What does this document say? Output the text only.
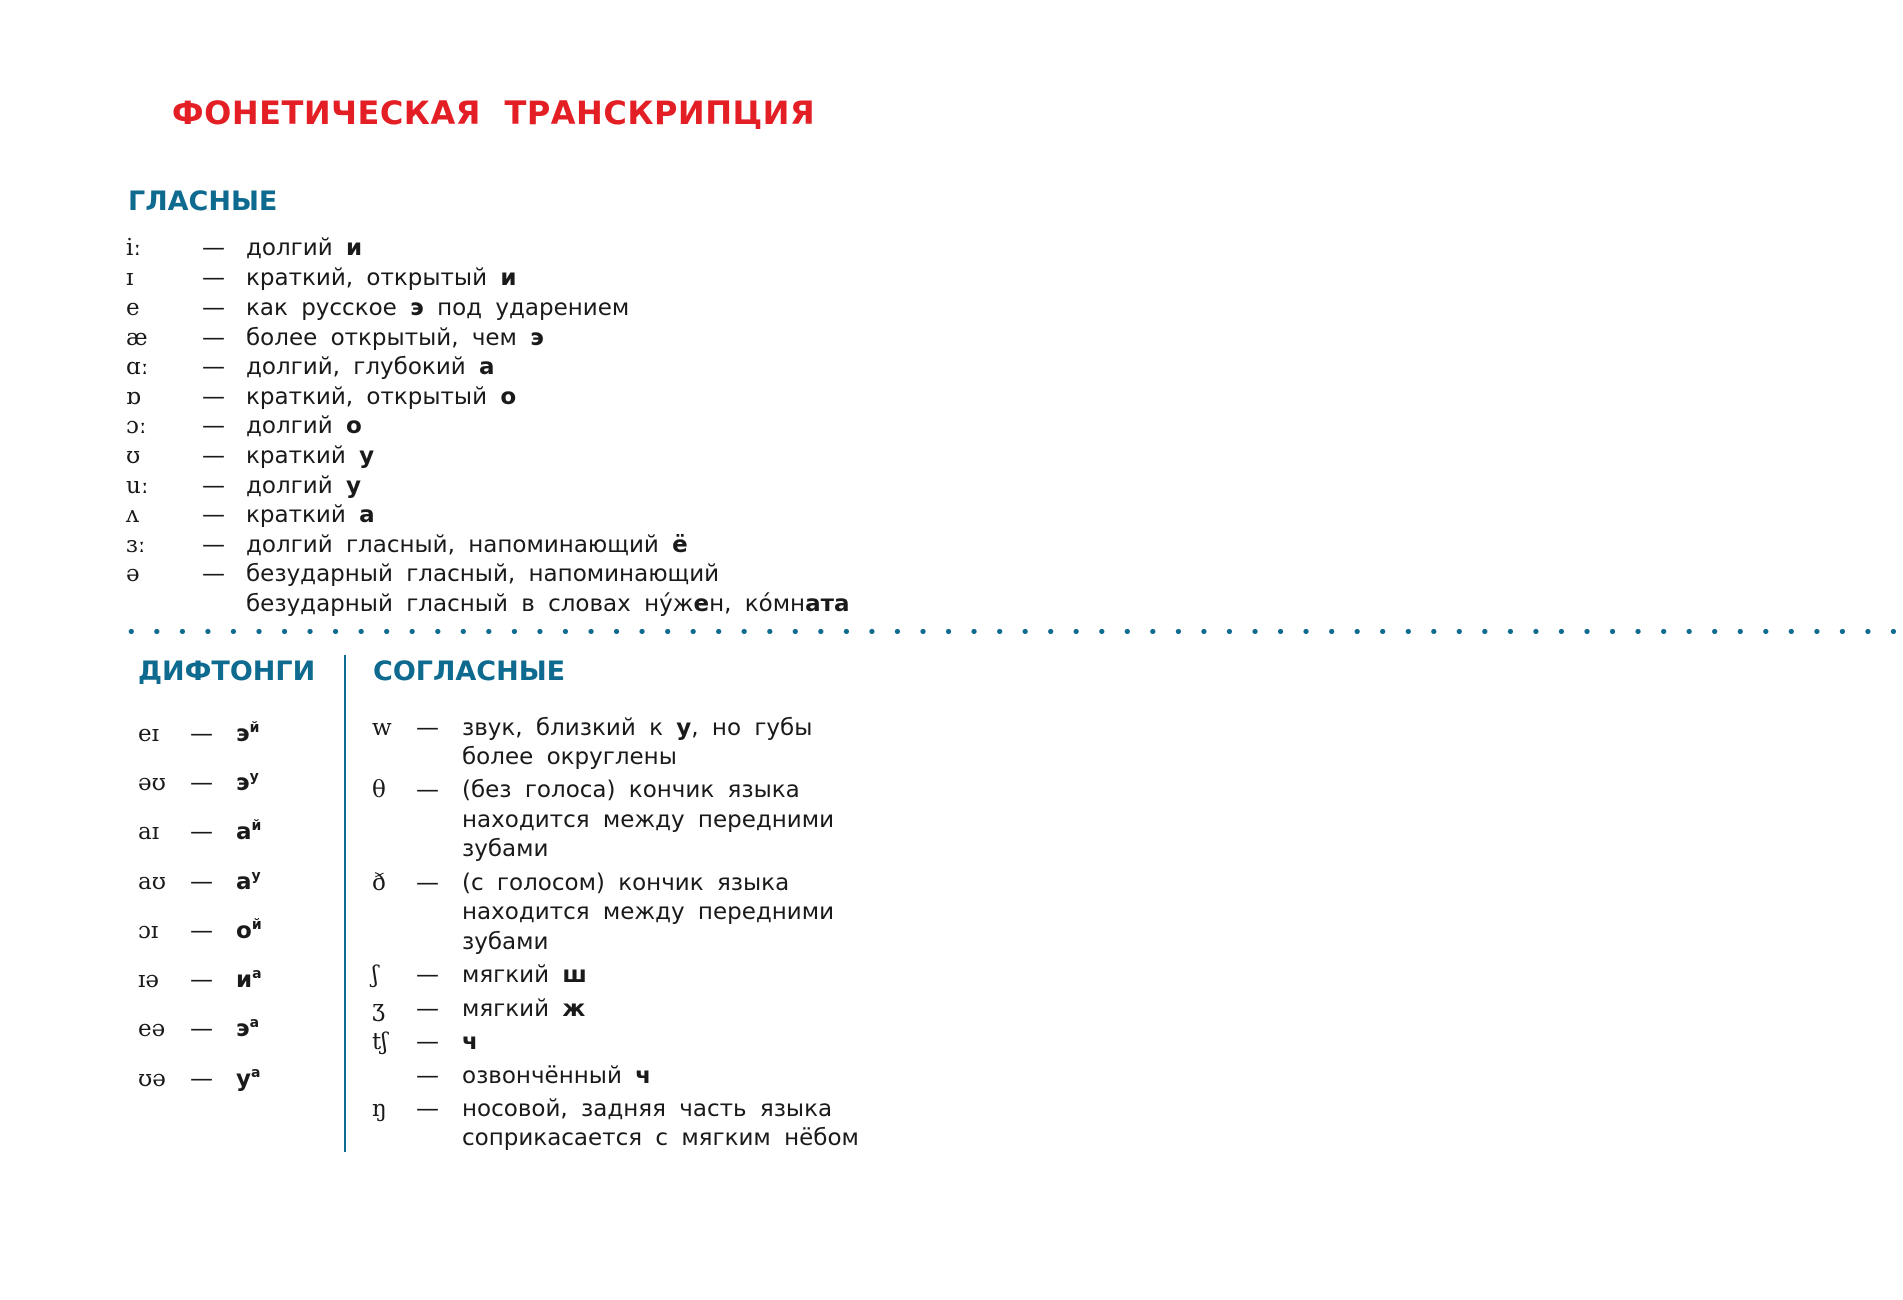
ФОНЕТИЧЕСКАЯ ТРАНСКРИПЦИЯ
ГЛАСНЫЕ
iː	— долгий и
ɪ	— краткий, открытый и
e	— как русское э под ударением
æ — более открытый, чем э
ɑː — долгий, глубокий а
ɒ	— краткий, открытый о
ɔː — долгий о
ʊ	— краткий у
uː — долгий у
ʌ	— краткий а
ɜː — долгий гласный, напоминающий ё
ə	— безударный гласный, напоминающий
безударный гласный в словах ну́жен, ко́мната
• • • • • • • • • • • • • • • • • • • • • • • • • • • • • • • • • • • • • • • • • • • • • • • • • • • • • • • • • • • • • • • • • • • • • •
ДИФТОНГИ СОГЛАСНЫЕ
eɪ — $э^й$
əʊ — $э^у$
aɪ — $а^й$
aʊ — $а^у$
ɔɪ — $о^й$
ɪə — $и^а$
eə — $э^а$
ʊə — $у^а$
w — звук, близкий к у, но губы
более округлены
θ — (без голоса) кончик языка
находится между передними
зубами
ð — (с голосом) кончик языка
находится между передними
зубами
ʃ — мягкий ш
ʒ — мягкий ж
tʃ — ч
— озвончённый ч
ŋ — носовой, задняя часть языка
соприкасается с мягким нёбом
